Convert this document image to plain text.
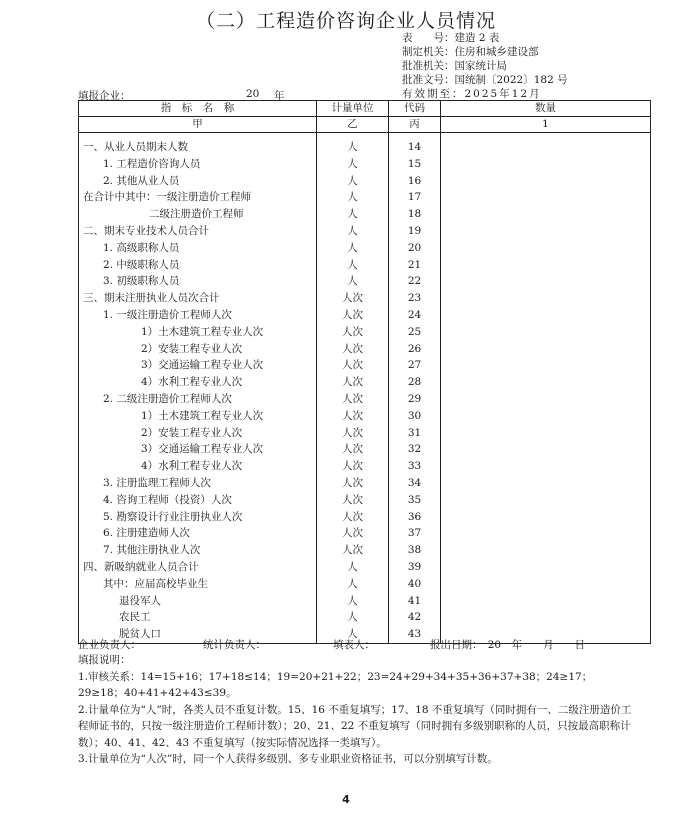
（二）工程造价咨询企业人员情况
表　　号：建造 2 表
制定机关：住房和城乡建设部
批准机关：国家统计局
批准文号：国统制〔2022〕182 号
有效期至：2025年12月
填报企业：	20 年
指　标　名　称	计量单位	代码	数量
甲	乙	丙	1

一、从业人员期末人数	人	14	
1. 工程造价咨询人员	人	15	
2. 其他从业人员	人	16	
在合计中其中：一级注册造价工程师	人	17	
二级注册造价工程师	人	18	
二、期末专业技术人员合计	人	19	
1. 高级职称人员	人	20	
2. 中级职称人员	人	21	
3. 初级职称人员	人	22	
三、期末注册执业人员次合计	人次	23	
1. 一级注册造价工程师人次	人次	24	
1）土木建筑工程专业人次	人次	25	
2）安装工程专业人次	人次	26	
3）交通运输工程专业人次	人次	27	
4）水利工程专业人次	人次	28	
2. 二级注册造价工程师人次	人次	29	
1）土木建筑工程专业人次	人次	30	
2）安装工程专业人次	人次	31	
3）交通运输工程专业人次	人次	32	
4）水利工程专业人次	人次	33	
3. 注册监理工程师人次	人次	34	
4. 咨询工程师（投资）人次	人次	35	
5. 勘察设计行业注册执业人次	人次	36	
6. 注册建造师人次	人次	37	
7. 其他注册执业人次	人次	38	
四、新吸纳就业人员合计	人	39	
其中：应届高校毕业生	人	40	
退役军人	人	41	
农民工	人	42	
脱贫人口	人	43	
企业负责人：	统计负责人：	填表人：	报出日期：　20　年　　月　　日

填报说明：

1.审核关系：14=15+16；17+18≤14；19=20+21+22；23=24+29+34+35+36+37+38；24≥17；29≥18；40+41+42+43≤39。

2.计量单位为“人”时，各类人员不重复计数。15、16 不重复填写；17、18 不重复填写（同时拥有一、二级注册造价工程师证书的，只按一级注册造价工程师计数）；20、21、22 不重复填写（同时拥有多级别职称的人员，只按最高职称计数）；40、41、42、43 不重复填写（按实际情况选择一类填写）。

3.计量单位为“人次”时，同一个人获得多级别、多专业职业资格证书，可以分别填写计数。

4
